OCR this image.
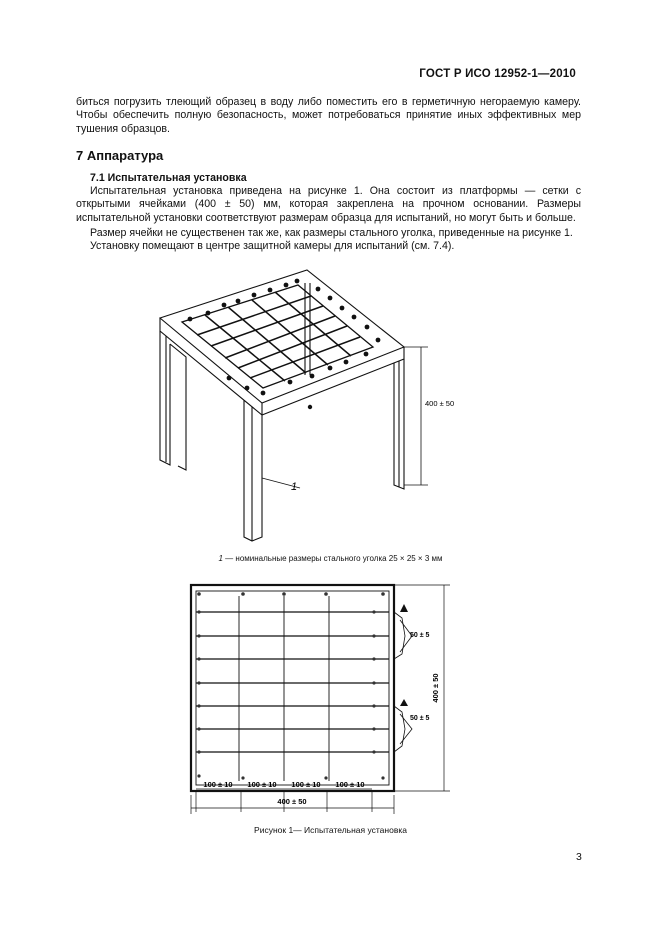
ГОСТ Р ИСО 12952-1—2010
биться погрузить тлеющий образец в воду либо поместить его в герметичную негораемую камеру. Чтобы обеспечить полную безопасность, может потребоваться принятие иных эффективных мер тушения образцов.
7 Аппаратура
7.1 Испытательная установка
Испытательная установка приведена на рисунке 1. Она состоит из платформы — сетки с открытыми ячейками (400 ± 50) мм, которая закреплена на прочном основании. Размеры испытательной установки соответствуют размерам образца для испытаний, но могут быть и больше.
Размер ячейки не существенен так же, как размеры стального уголка, приведенные на рисунке 1.
Установку помещают в центре защитной камеры для испытаний (см. 7.4).
400 ± 50
1
1 — номинальные размеры стального уголка 25 × 25 × 3 мм
100 ± 10 100 ± 10 100 ± 10 100 ± 10
400 ± 50
50 ± 5
50 ± 5
400 ± 50
Рисунок 1— Испытательная установка
3
